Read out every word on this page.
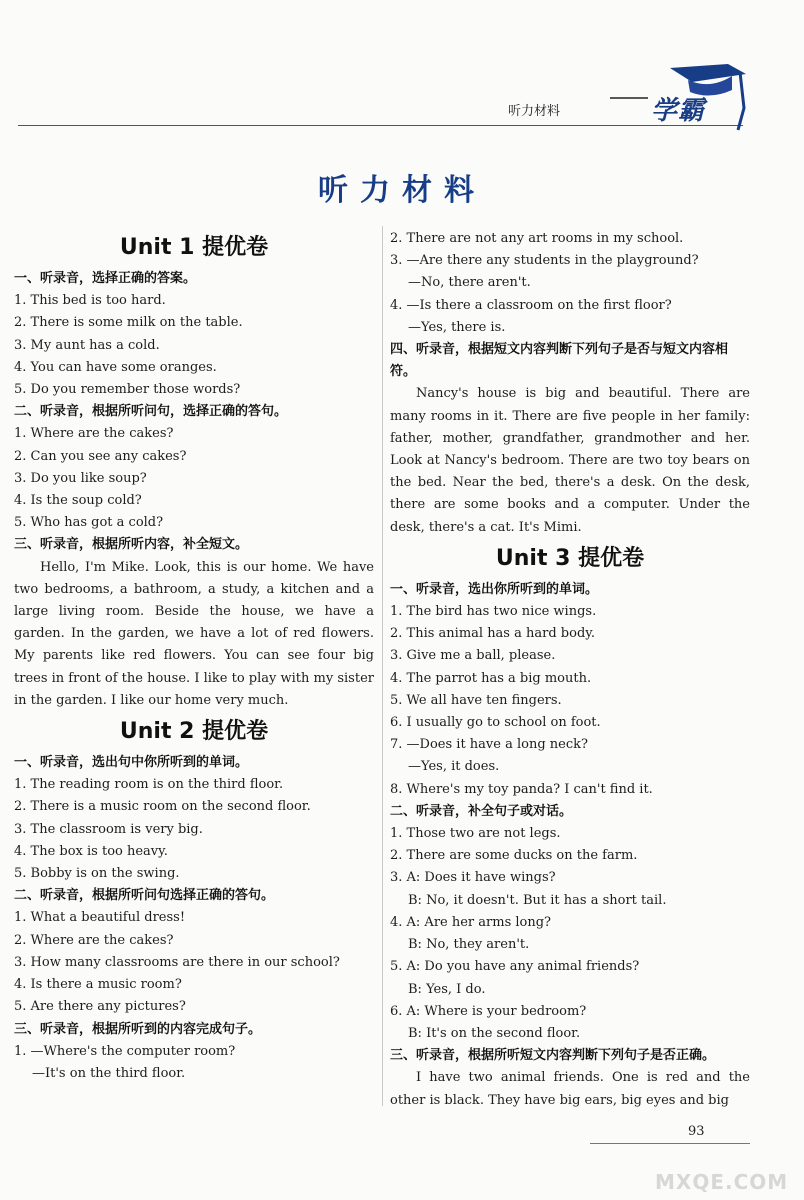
听力材料	学霸
听力材料
Unit 1 提优卷
一、听录音，选择正确的答案。
1. This bed is too hard.
2. There is some milk on the table.
3. My aunt has a cold.
4. You can have some oranges.
5. Do you remember those words?
二、听录音，根据所听问句，选择正确的答句。
1. Where are the cakes?
2. Can you see any cakes?
3. Do you like soup?
4. Is the soup cold?
5. Who has got a cold?
三、听录音，根据所听内容，补全短文。
Hello, I'm Mike. Look, this is our home. We have two bedrooms, a bathroom, a study, a kitchen and a large living room. Beside the house, we have a garden. In the garden, we have a lot of red flowers. My parents like red flowers. You can see four big trees in front of the house. I like to play with my sister in the garden. I like our home very much.
Unit 2 提优卷
一、听录音，选出句中你所听到的单词。
1. The reading room is on the third floor.
2. There is a music room on the second floor.
3. The classroom is very big.
4. The box is too heavy.
5. Bobby is on the swing.
二、听录音，根据所听问句选择正确的答句。
1. What a beautiful dress!
2. Where are the cakes?
3. How many classrooms are there in our school?
4. Is there a music room?
5. Are there any pictures?
三、听录音，根据所听到的内容完成句子。
1. —Where's the computer room?
—It's on the third floor.
2. There are not any art rooms in my school.
3. —Are there any students in the playground?
—No, there aren't.
4. —Is there a classroom on the first floor?
—Yes, there is.
四、听录音，根据短文内容判断下列句子是否与短文内容相符。
Nancy's house is big and beautiful. There are many rooms in it. There are five people in her family: father, mother, grandfather, grandmother and her. Look at Nancy's bedroom. There are two toy bears on the bed. Near the bed, there's a desk. On the desk, there are some books and a computer. Under the desk, there's a cat. It's Mimi.
Unit 3 提优卷
一、听录音，选出你所听到的单词。
1. The bird has two nice wings.
2. This animal has a hard body.
3. Give me a ball, please.
4. The parrot has a big mouth.
5. We all have ten fingers.
6. I usually go to school on foot.
7. —Does it have a long neck?
—Yes, it does.
8. Where's my toy panda? I can't find it.
二、听录音，补全句子或对话。
1. Those two are not legs.
2. There are some ducks on the farm.
3. A: Does it have wings?
B: No, it doesn't. But it has a short tail.
4. A: Are her arms long?
B: No, they aren't.
5. A: Do you have any animal friends?
B: Yes, I do.
6. A: Where is your bedroom?
B: It's on the second floor.
三、听录音，根据所听短文内容判断下列句子是否正确。
I have two animal friends. One is red and the other is black. They have big ears, big eyes and big
93
MXQE.COM
